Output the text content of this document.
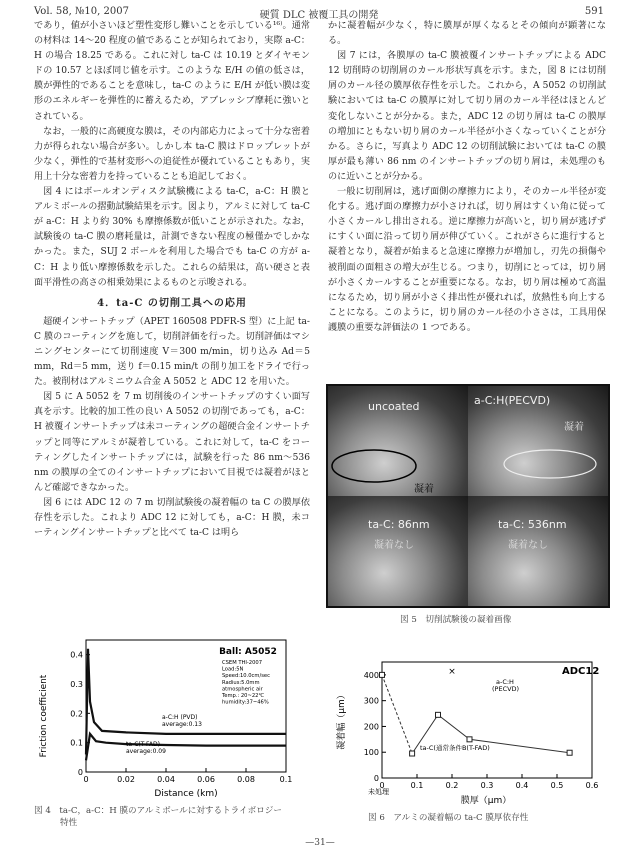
Vol. 58, №10, 2007	硬質 DLC 被覆工具の開発	591

であり，値が小さいほど塑性変形し難いことを示している¹⁶⁾。通常の材料は 14～20 程度の値であることが知られており，実際 a-C：H の場合 18.25 である。これに対し ta-C は 10.19 とダイヤモンドの 10.57 とほぼ同じ値を示す。このような E/H の値の低さは，膜が弾性的であることを意味し，ta-C のように E/H が低い膜は変形のエネルギーを弾性的に蓄えるため，アブレッシブ摩耗に強いとされている。

なお，一般的に高硬度な膜は，その内部応力によって十分な密着力が得られない場合が多い。しかし本 ta-C 膜はドロップレットが少なく，弾性的で基材変形への追従性が優れていることもあり，実用上十分な密着力を持っていることも追記しておく。

図 4 にはボールオンディスク試験機による ta-C，a-C：H 膜とアルミボールの摺動試験結果を示す。図より，アルミに対して ta-C が a-C：H より約 30% も摩擦係数が低いことが示された。なお，試験後の ta-C 膜の磨耗量は，計測できない程度の極僅かでしかなかった。また，SUJ 2 ボールを利用した場合でも ta-C の方が a-C：H より低い摩擦係数を示した。これらの結果は，高い硬さと表面平滑性の高さの相乗効果によるものと示唆される。

4．ta-C の切削工具への応用

超硬インサートチップ（APET 160508 PDFR-S 型）に上記 ta-C 膜のコーティングを施して，切削評価を行った。切削評価はマシニングセンターにて切削速度 V＝300 m/min，切り込み Ad＝5 mm，Rd＝5 mm，送り f＝0.15 min/t の削り加工をドライで行った。被削材はアルミニウム合金 A 5052 と ADC 12 を用いた。

図 5 に A 5052 を 7 m 切削後のインサートチップのすくい面写真を示す。比較的加工性の良い A 5052 の切削であっても，a-C：H 被覆インサートチップは未コーティングの超硬合金インサートチップと同等にアルミが凝着している。これに対して，ta-C をコーティングしたインサートチップには，試験を行った 86 nm～536 nm の膜厚の全てのインサートチップにおいて目視では凝着がほとんど確認できなかった。

図 6 には ADC 12 の 7 m 切削試験後の凝着幅の ta C の膜厚依存性を示した。これより ADC 12 に対しても，a-C：H 膜，未コーティングインサートチップと比べて ta-C は明ら

かに凝着幅が少なく，特に膜厚が厚くなるとその傾向が顕著になる。

図 7 には，各膜厚の ta-C 膜被覆インサートチップによる ADC 12 切削時の切削屑のカール形状写真を示す。また，図 8 には切削屑のカール径の膜厚依存性を示した。これから，A 5052 の切削試験においては ta-C の膜厚に対して切り屑のカール半径はほとんど変化しないことが分かる。また，ADC 12 の切り屑は ta-C の膜厚の増加にともない切り屑のカール半径が小さくなっていくことが分かる。さらに，写真より ADC 12 の切削試験においては ta-C の膜厚が最も薄い 86 nm のインサートチップの切り屑は，未処理のものに近いことが分かる。

一般に切削屑は，逃げ面側の摩擦力により，そのカール半径が変化する。逃げ面の摩擦力が小さければ，切り屑はすくい角に従って小さくカールし排出される。逆に摩擦力が高いと，切り屑が逃げずにすくい面に沿って切り屑が伸びていく。これがさらに進行すると凝着となり，凝着が始まると急速に摩擦力が増加し，刃先の損傷や被削面の面粗さの増大が生じる。つまり，切削にとっては，切り屑が小さくカールすることが重要になる。なお，切り屑は極めて高温になるため，切り屑が小さく排出性が優れれば，放熱性も向上することになる。このように，切り屑のカール径の小ささは，工具用保護膜の重要な評価法の 1 つである。

uncoated
凝着
a-C:H(PECVD)
凝着
ta-C: 86nm
凝着なし
ta-C: 536nm
凝着なし
図 5　切削試験後の凝着画像
0	0.02	0.04	0.06	0.08	0.1
0
0.1
0.2
0.3
0.4
Friction coefficient
Distance (km)
Ball: A5052
CSEM THI-2007
Load:5N
Speed:10.0cm/sec
Radius:5.0mm
atmospheric air
Temp.: 20~22℃
humidity:37~46%
a-C:H (PVD)
average:0.13
ta-C(T-FAD)
average:0.09
図 4　ta-C，a-C：H 膜のアルミボールに対するトライボロジー
特性
0	0.1	0.2	0.3	0.4	0.5	0.6
0
100
200
300
400	×	ADC12
凝着幅（μm）
膜厚（μm）
a-C:H
(PECVD)
ta-C(通常条件B(T-FAD)
未処理
図 6　アルミの凝着幅の ta-C 膜厚依存性
—31—
